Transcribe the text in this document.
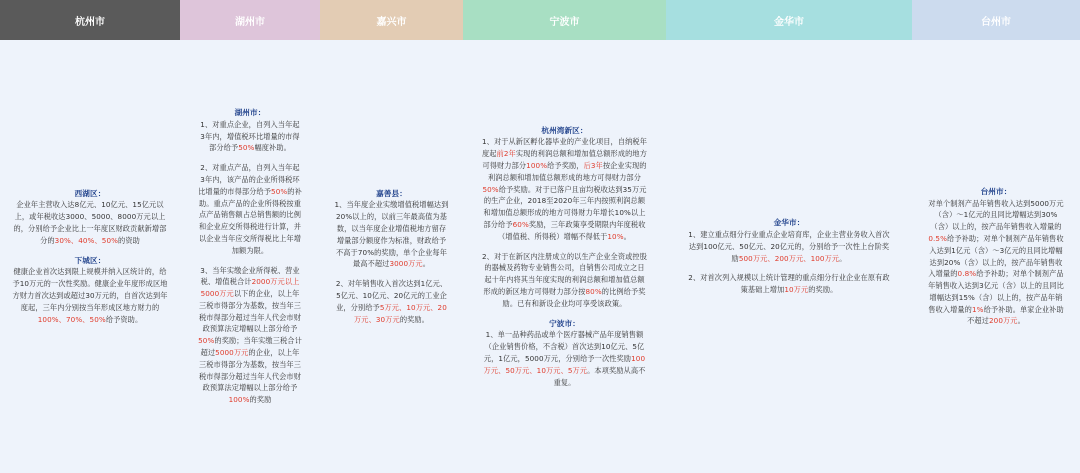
杭州市
西湖区：
企业年主营收入达8亿元、10亿元、15亿元以上，或年税收达3000、5000、8000万元以上的，分别给予企业比上一年度区财政贡献新增部分的30%、40%、50%的资助
下城区：
健康企业首次达到限上规模并纳入区统计的，给予10万元的一次性奖励。健康企业年度形成区地方财力首次达到或超过30万元的，自首次达到年度起，三年内分别按当年形成区地方财力的100%、70%、50%给予资助。
湖州市
湖州市：
1、对重点企业，自列入当年起3年内，增值税环比增量的市得部分给予50%幅度补助。
2、对重点产品，自列入当年起3年内，该产品的企业所得税环比增量的市得部分给予50%的补助。重点产品的企业所得税按重点产品销售额占总销售额的比例和企业应交所得税进行计算，并以企业当年应交所得税比上年增加额为限。
3、当年实缴企业所得税、营业税、增值税合计2000万元以上5000万元以下的企业，以上年三税市得部分为基数，按当年三税市得部分超过当年人代会市财政预算法定增幅以上部分给予50%的奖励；当年实缴三税合计超过5000万元的企业，以上年三税市得部分为基数，按当年三税市得部分超过当年人代会市财政预算法定增幅以上部分给予100%的奖励
嘉兴市
嘉善县：
1、当年度企业实缴增值税增幅达到20%以上的，以前三年最高值为基数，以当年度企业增值税地方留存增量部分额度作为标准，财政给予不高于70%的奖励，单个企业每年最高不超过3000万元。
2、对年销售收入首次达到1亿元、5亿元、10亿元、20亿元的工业企业，分别给予5万元、10万元、20万元、30万元的奖励。
宁波市
杭州湾新区：
1、对于从新区孵化器毕业的产业化项目，自纳税年度起前2年实现的利润总额和增加值总额形成的地方可得财力部分100%给予奖励，后3年按企业实现的利润总额和增加值总额形成的地方可得财力部分50%给予奖励。对于已落户且亩均税收达到35万元的生产企业，2018至2020年三年内按照利润总额和增加值总额形成的地方可得财力年增长10%以上部分给予60%奖励，三年政策享受期限内年度税收（增值税、所得税）增幅不得低于10%。
2、对于在新区内注册成立的以生产企业全资或控股的器械及药物专业销售公司，自销售公司成立之日起十年内将其当年度实现的利润总额和增加值总额形成的新区地方可得财力部分按80%的比例给予奖励。已有和新设企业均可享受该政策。
宁波市：
1、单一品种药品或单个医疗器械产品年度销售额（企业销售价格，不含税）首次达到10亿元、5亿元，1亿元，5000万元，分别给予一次性奖励100万元、50万元、10万元、5万元。本项奖励从高不重复。
金华市
金华市：
1、建立重点细分行业重点企业培育库，企业主营业务收入首次达到100亿元、50亿元、20亿元的，分别给予一次性上台阶奖励500万元、200万元、100万元。
2、对首次列入规模以上统计管理的重点细分行业企业在原有政策基础上增加10万元的奖励。
台州市
台州市：
对单个制剂产品年销售收入达到5000万元（含）～1亿元的且同比增幅达到30%（含）以上的，按产品年销售收入增量的0.5%给予补助；对单个制剂产品年销售收入达到1亿元（含）～3亿元的且同比增幅达到20%（含）以上的，按产品年销售收入增量的0.8%给予补助；对单个制剂产品年销售收入达到3亿元（含）以上的且同比增幅达到15%（含）以上的，按产品年销售收入增量的1%给予补助。单家企业补助不超过200万元。
